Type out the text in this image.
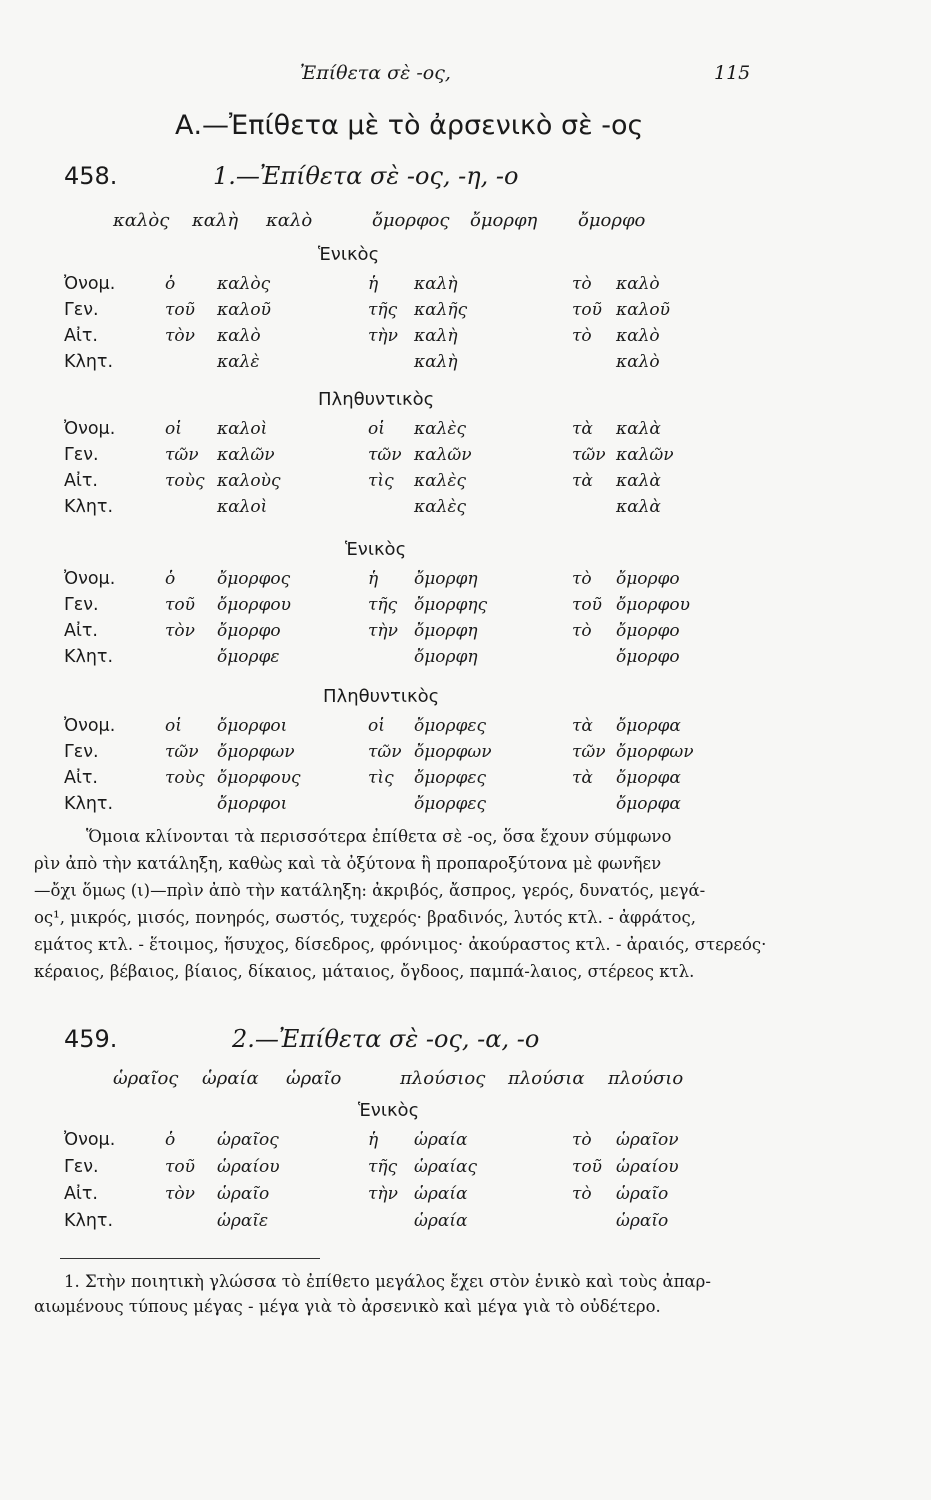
Ἐπίθετα σὲ -ος,	115
Α.—Ἐπίθετα μὲ τὸ ἀρσενικὸ σὲ -ος
458.	1.—Ἐπίθετα σὲ -ος, -η, -ο
καλὸς καλὴ καλὸ	ὄμορφος ὄμορφη ὄμορφο
Ἑνικὸς
Ὀνομ.	ὁ καλὸς	ἡ καλὴ	τὸ καλὸ
Γεν.	τοῦ καλοῦ	τῆς καλῆς	τοῦ καλοῦ
Αἰτ.	τὸν καλὸ	τὴν καλὴ	τὸ καλὸ
Κλητ.	καλὲ	καλὴ	καλὸ
Πληθυντικὸς
Ὀνομ.	οἱ καλοὶ	οἱ καλὲς	τὰ καλὰ
Γεν.	τῶν καλῶν	τῶν καλῶν	τῶν καλῶν
Αἰτ.	τοὺς καλοὺς	τὶς καλὲς	τὰ καλὰ
Κλητ.	καλοὶ	καλὲς	καλὰ
Ἑνικὸς
Ὀνομ.	ὁ ὄμορφος	ἡ ὄμορφη	τὸ ὄμορφο
Γεν.	τοῦ ὄμορφου	τῆς ὄμορφης	τοῦ ὄμορφου
Αἰτ.	τὸν ὄμορφο	τὴν ὄμορφη	τὸ ὄμορφο
Κλητ.	ὄμορφε	ὄμορφη	ὄμορφο
Πληθυντικὸς
Ὀνομ.	οἱ ὄμορφοι	οἱ ὄμορφες	τὰ ὄμορφα
Γεν.	τῶν ὄμορφων	τῶν ὄμορφων	τῶν ὄμορφων
Αἰτ.	τοὺς ὄμορφους	τὶς ὄμορφες	τὰ ὄμορφα
Κλητ.	ὄμορφοι	ὄμορφες	ὄμορφα
Ὅμοια κλίνονται τὰ περισσότερα ἐπίθετα σὲ -ος, ὅσα ἔχουν σύμφωνο
ρὶν ἀπὸ τὴν κατάληξη, καθὼς καὶ τὰ ὀξύτονα ἢ προπαροξύτονα μὲ φωνῆεν
—ὄχι ὅμως (ι)—πρὶν ἀπὸ τὴν κατάληξη: ἀκριβός, ἄσπρος, γερός, δυνατός, μεγά-
ος¹, μικρός, μισός, πονηρός, σωστός, τυχερός· βραδινός, λυτός κτλ. - ἀφράτος,
εμάτος κτλ. - ἕτοιμος, ἥσυχος, δίσεδρος, φρόνιμος· ἀκούραστος κτλ. - ἀραιός, στερεός·
κέραιος, βέβαιος, βίαιος, δίκαιος, μάταιος, ὄγδοος, παμπά-λαιος, στέρεος κτλ.
459.	2.—Ἐπίθετα σὲ -ος, -α, -ο
ὡραῖος ὡραία ὡραῖο	πλούσιος πλούσια πλούσιο
Ἑνικὸς
Ὀνομ.	ὁ ὡραῖος	ἡ ὡραία	τὸ ὡραῖον
Γεν.	τοῦ ὡραίου	τῆς ὡραίας	τοῦ ὡραίου
Αἰτ.	τὸν ὡραῖο	τὴν ὡραία	τὸ ὡραῖο
Κλητ.	ὡραῖε	ὡραία	ὡραῖο
1. Στὴν ποιητικὴ γλώσσα τὸ ἐπίθετο μεγάλος ἔχει στὸν ἑνικὸ καὶ τοὺς ἀπαρ-
αιωμένους τύπους μέγας - μέγα γιὰ τὸ ἀρσενικὸ καὶ μέγα γιὰ τὸ οὐδέτερο.
